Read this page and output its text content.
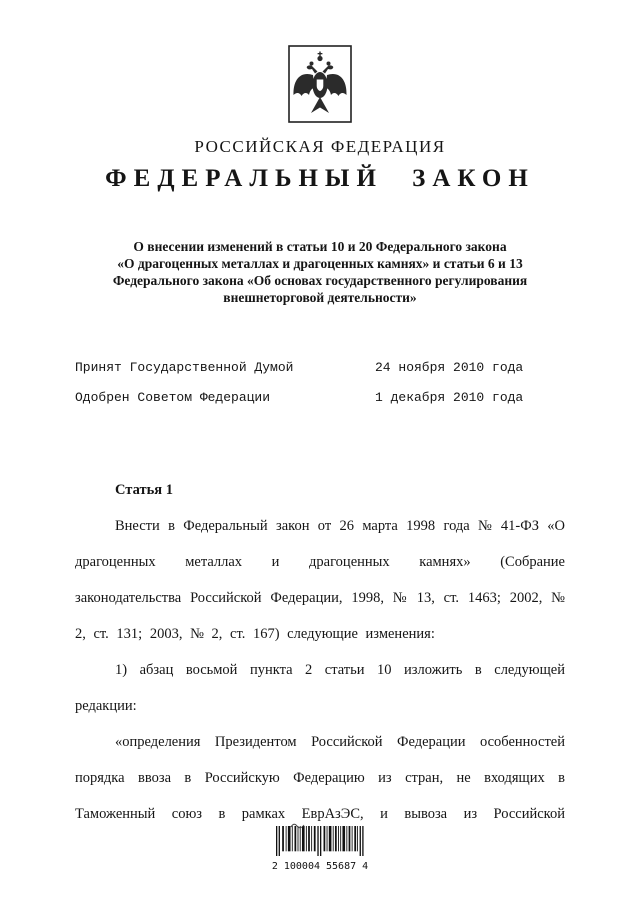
РОССИЙСКАЯ ФЕДЕРАЦИЯ
ФЕДЕРАЛЬНЫЙ ЗАКОН
О внесении изменений в статьи 10 и 20 Федерального закона
«О драгоценных металлах и драгоценных камнях» и статьи 6 и 13
Федерального закона «Об основах государственного регулирования
внешнеторговой деятельности»
Принят Государственной Думой	24 ноября 2010 года
Одобрен Советом Федерации	1 декабря 2010 года

Статья 1

Внести в Федеральный закон от 26 марта 1998 года № 41-ФЗ «О драгоценных металлах и драгоценных камнях» (Собрание законодательства Российской Федерации, 1998, № 13, ст. 1463; 2002, № 2, ст. 131; 2003, № 2, ст. 167) следующие изменения:

1) абзац восьмой пункта 2 статьи 10 изложить в следующей редакции:

«определения Президентом Российской Федерации особенностей порядка ввоза в Российскую Федерацию из стран, не входящих в Таможенный союз в рамках ЕврАзЭС, и вывоза из Российской

2 100004 55687 4
